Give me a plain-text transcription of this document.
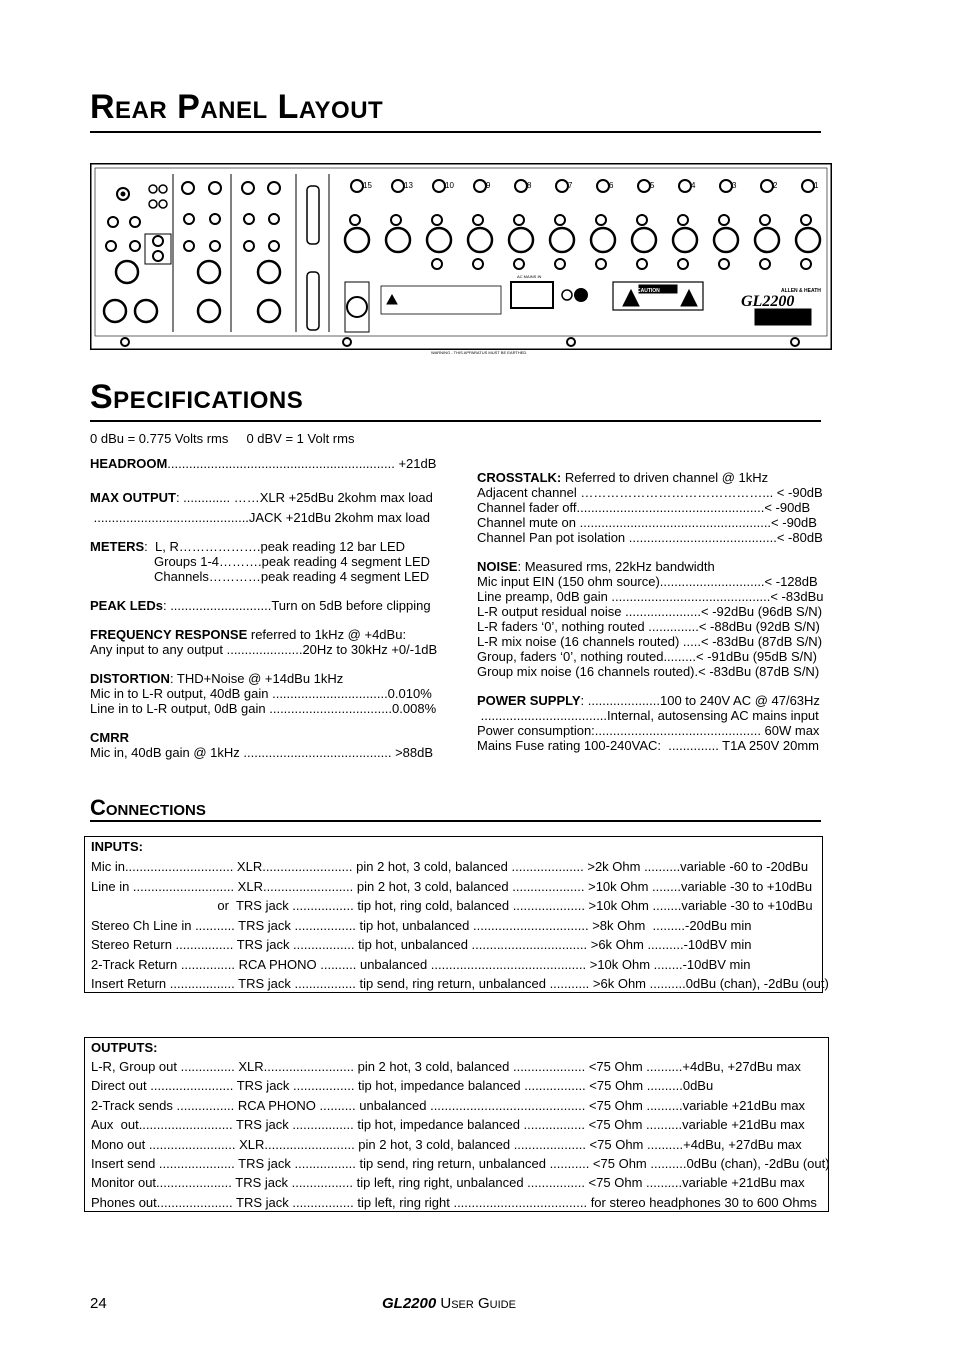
Rear Panel Layout
15	13	10	9	8	7	6	5	4	3	2	1
CAUTION
AC MAINS IN
WARNING - THIS APPARATUS MUST BE EARTHED.
GL2200
ALLEN & HEATH
Specifications
0 dBu = 0.775 Volts rms     0 dBV = 1 Volt rms
HEADROOM............................................................... +21dB
MAX OUTPUT: ............. ……XLR +25dBu 2kohm max load
...........................................JACK +21dBu 2kohm max load
METERS:  L, R……………….peak reading 12 bar LED
Groups 1-4……….peak reading 4 segment LED
Channels…………peak reading 4 segment LED
PEAK LEDs: ............................Turn on 5dB before clipping
FREQUENCY RESPONSE referred to 1kHz @ +4dBu:
Any input to any output .....................20Hz to 30kHz +0/-1dB
DISTORTION: THD+Noise @ +14dBu 1kHz
Mic in to L-R output, 40dB gain ................................0.010%
Line in to L-R output, 0dB gain ..................................0.008%
CMRR
Mic in, 40dB gain @ 1kHz ......................................... >88dB
CROSSTALK: Referred to driven channel @ 1kHz
Adjacent channel ……………………………………... < -90dB
Channel fader off....................................................< -90dB
Channel mute on .....................................................< -90dB
Channel Pan pot isolation .........................................< -80dB
NOISE: Measured rms, 22kHz bandwidth
Mic input EIN (150 ohm source).............................< -128dB
Line preamp, 0dB gain ............................................< -83dBu
L-R output residual noise .....................< -92dBu (96dB S/N)
L-R faders ‘0’, nothing routed ..............< -88dBu (92dB S/N)
L-R mix noise (16 channels routed) .....< -83dBu (87dB S/N)
Group, faders ‘0’, nothing routed.........< -91dBu (95dB S/N)
Group mix noise (16 channels routed).< -83dBu (87dB S/N)
POWER SUPPLY: ....................100 to 240V AC @ 47/63Hz
...................................Internal, autosensing AC mains input
Power consumption:.............................................. 60W max
Mains Fuse rating 100-240VAC:  .............. T1A 250V 20mm
Connections
INPUTS:
Mic in.............................. XLR......................... pin 2 hot, 3 cold, balanced .................... >2k Ohm ..........variable -60 to -20dBu
Line in ............................ XLR......................... pin 2 hot, 3 cold, balanced .................... >10k Ohm ........variable -30 to +10dBu
or  TRS jack ................. tip hot, ring cold, balanced .................... >10k Ohm ........variable -30 to +10dBu
Stereo Ch Line in ........... TRS jack ................. tip hot, unbalanced ................................ >8k Ohm  .........-20dBu min
Stereo Return ................ TRS jack ................. tip hot, unbalanced ................................ >6k Ohm ..........-10dBV min
2-Track Return ............... RCA PHONO .......... unbalanced ........................................... >10k Ohm ........-10dBV min
Insert Return .................. TRS jack ................. tip send, ring return, unbalanced ........... >6k Ohm ..........0dBu (chan), -2dBu (out)
OUTPUTS:
L-R, Group out ............... XLR......................... pin 2 hot, 3 cold, balanced .................... <75 Ohm ..........+4dBu, +27dBu max
Direct out ....................... TRS jack ................. tip hot, impedance balanced ................. <75 Ohm ..........0dBu
2-Track sends ................ RCA PHONO .......... unbalanced ........................................... <75 Ohm ..........variable +21dBu max
Aux  out.......................... TRS jack ................. tip hot, impedance balanced ................. <75 Ohm ..........variable +21dBu max
Mono out ........................ XLR......................... pin 2 hot, 3 cold, balanced .................... <75 Ohm ..........+4dBu, +27dBu max
Insert send ..................... TRS jack ................. tip send, ring return, unbalanced ........... <75 Ohm ..........0dBu (chan), -2dBu (out)
Monitor out..................... TRS jack ................. tip left, ring right, unbalanced ................ <75 Ohm ..........variable +21dBu max
Phones out..................... TRS jack ................. tip left, ring right ..................................... for stereo headphones 30 to 600 Ohms
24	GL2200 User Guide
